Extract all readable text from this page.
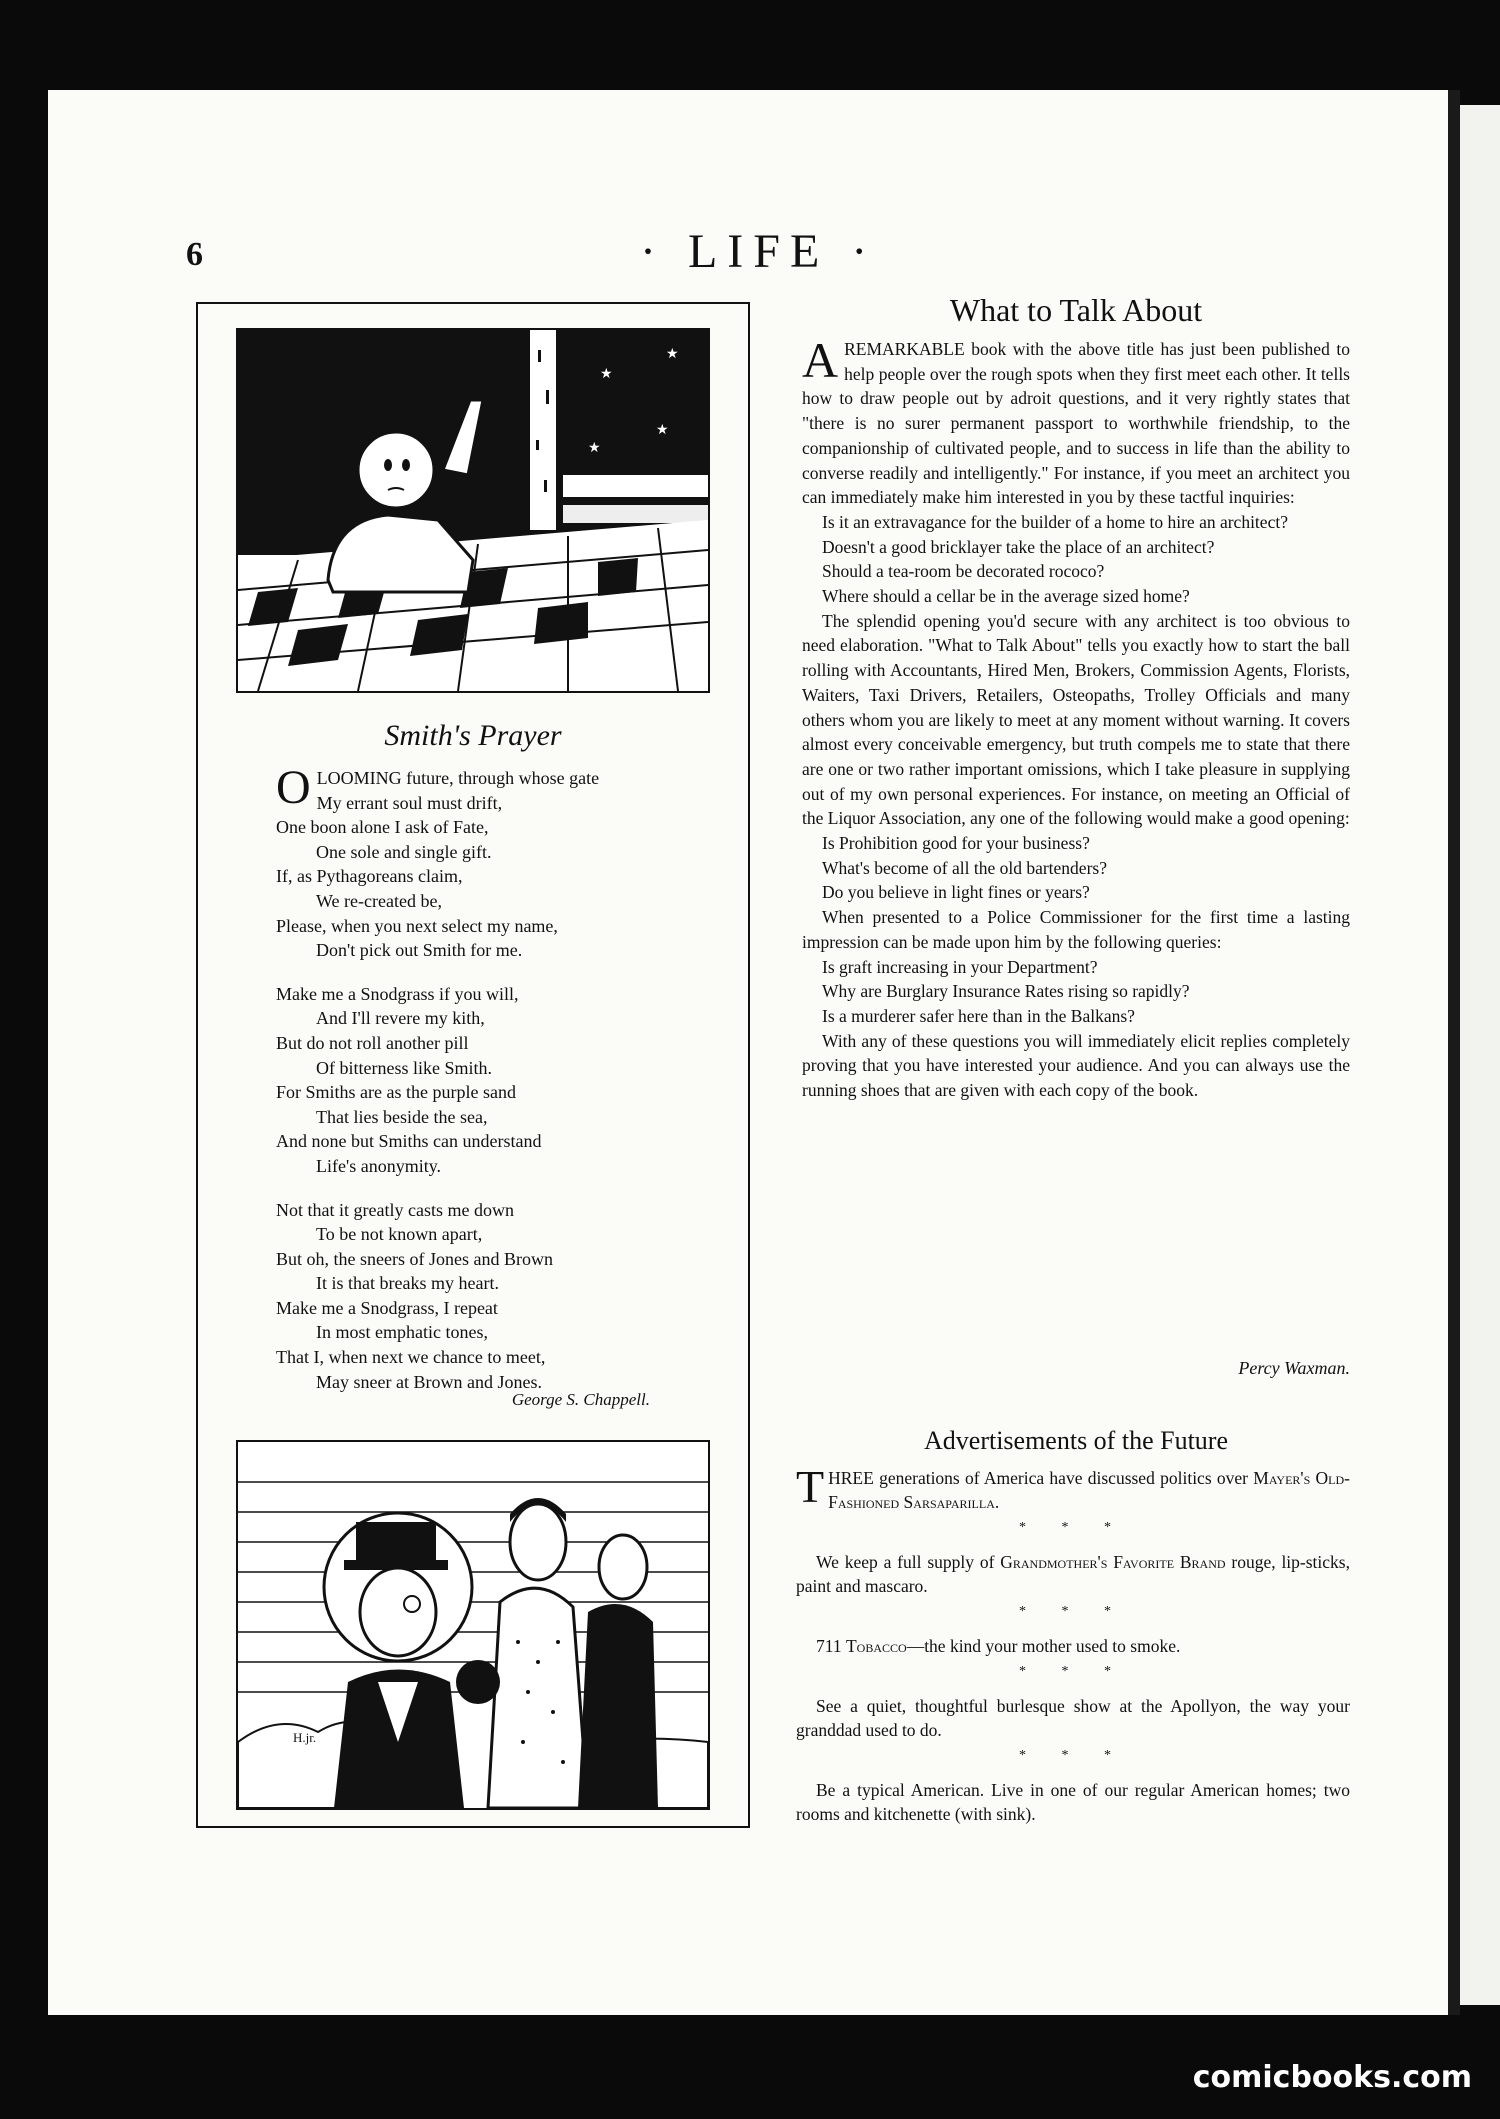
6	· LIFE ·
★
★
★
★
H.jr.
Smith's Prayer
O LOOMING future, through whose gate
My errant soul must drift,
One boon alone I ask of Fate,
One sole and single gift.
If, as Pythagoreans claim,
We re-created be,
Please, when you next select my name,
Don't pick out Smith for me.
Make me a Snodgrass if you will,
And I'll revere my kith,
But do not roll another pill
Of bitterness like Smith.
For Smiths are as the purple sand
That lies beside the sea,
And none but Smiths can understand
Life's anonymity.
Not that it greatly casts me down
To be not known apart,
But oh, the sneers of Jones and Brown
It is that breaks my heart.
Make me a Snodgrass, I repeat
In most emphatic tones,
That I, when next we chance to meet,
May sneer at Brown and Jones.
George S. Chappell.
H.jr.
What to Talk About

AREMARKABLE book with the above title has just been published to help people over the rough spots when they first meet each other. It tells how to draw people out by adroit questions, and it very rightly states that "there is no surer permanent passport to worthwhile friendship, to the companionship of cultivated people, and to success in life than the ability to converse readily and intelligently." For instance, if you meet an architect you can immediately make him interested in you by these tactful inquiries:

Is it an extravagance for the builder of a home to hire an architect?

Doesn't a good bricklayer take the place of an architect?

Should a tea-room be decorated rococo?

Where should a cellar be in the average sized home?

The splendid opening you'd secure with any architect is too obvious to need elaboration. "What to Talk About" tells you exactly how to start the ball rolling with Accountants, Hired Men, Brokers, Commission Agents, Florists, Waiters, Taxi Drivers, Retailers, Osteopaths, Trolley Officials and many others whom you are likely to meet at any moment without warning. It covers almost every conceivable emergency, but truth compels me to state that there are one or two rather important omissions, which I take pleasure in supplying out of my own personal experiences. For instance, on meeting an Official of the Liquor Association, any one of the following would make a good opening:

Is Prohibition good for your business?

What's become of all the old bartenders?

Do you believe in light fines or years?

When presented to a Police Commissioner for the first time a lasting impression can be made upon him by the following queries:

Is graft increasing in your Department?

Why are Burglary Insurance Rates rising so rapidly?

Is a murderer safer here than in the Balkans?

With any of these questions you will immediately elicit replies completely proving that you have interested your audience. And you can always use the running shoes that are given with each copy of the book.

Percy Waxman.
Advertisements of the Future

THREE generations of America have discussed politics over Mayer's Old-Fashioned Sarsaparilla.

* * *

We keep a full supply of Grandmother's Favorite Brand rouge, lip-sticks, paint and mascaro.

* * *

711 Tobacco—the kind your mother used to smoke.

* * *

See a quiet, thoughtful burlesque show at the Apollyon, the way your granddad used to do.

* * *

Be a typical American. Live in one of our regular American homes; two rooms and kitchenette (with sink).

comicbooks.com
